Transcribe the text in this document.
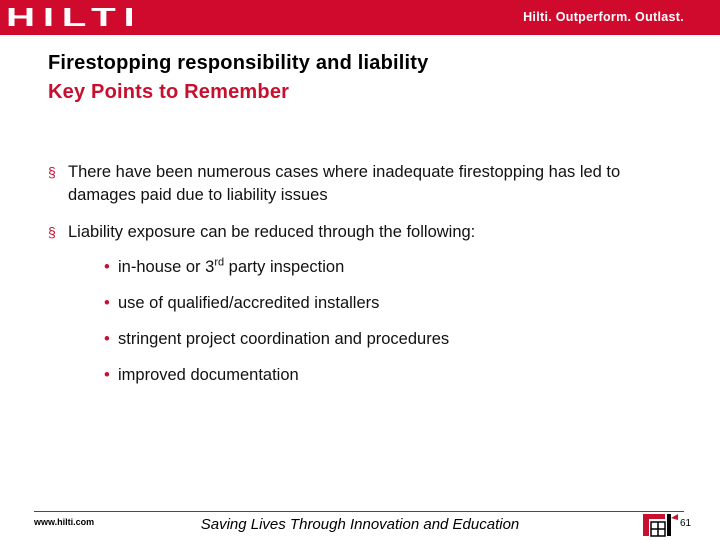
HILTI	Hilti. Outperform. Outlast.
Firestopping responsibility and liability
Key Points to Remember
§ There have been numerous cases where inadequate firestopping has led to damages paid due to liability issues
§ Liability exposure can be reduced through the following:
• in-house or 3rd party inspection
• use of qualified/accredited installers
• stringent project coordination and procedures
• improved documentation
www.hilti.com	Saving Lives Through Innovation and Education	61
